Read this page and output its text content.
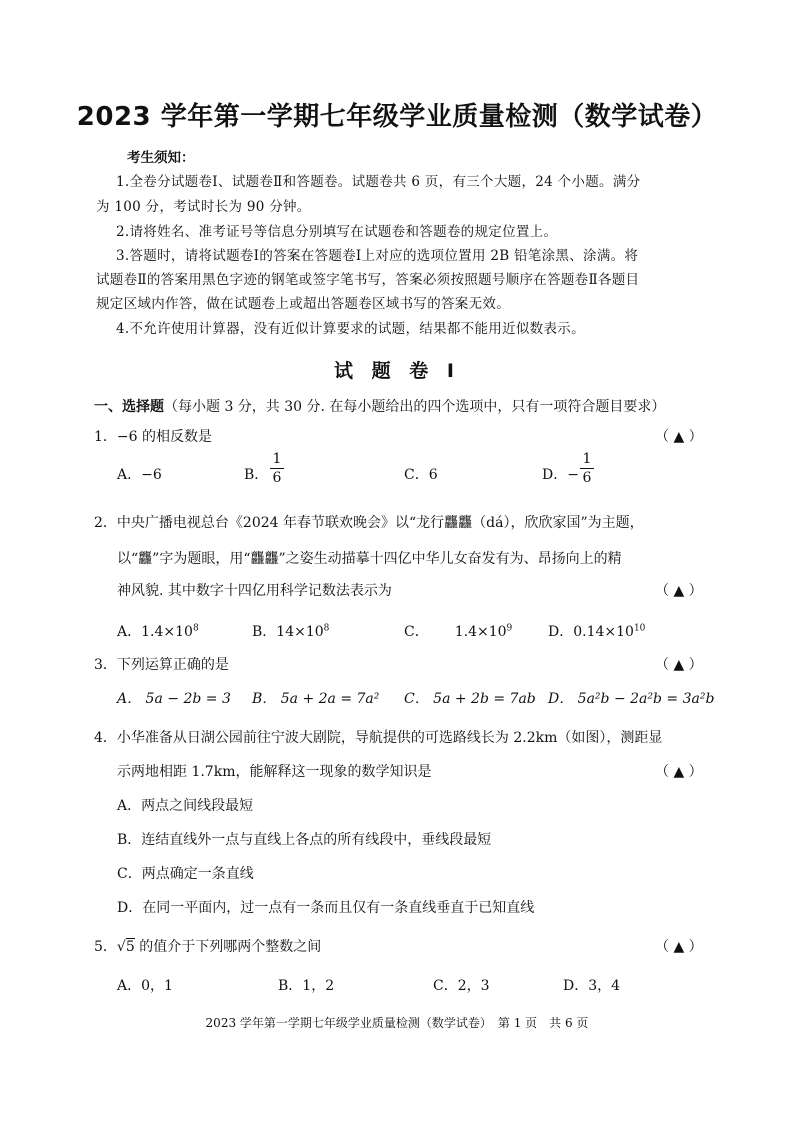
2023 学年第一学期七年级学业质量检测（数学试卷）
考生须知：
1.全卷分试题卷Ⅰ、试题卷Ⅱ和答题卷。试题卷共 6 页，有三个大题，24 个小题。满分
为 100 分，考试时长为 90 分钟。
2.请将姓名、准考证号等信息分别填写在试题卷和答题卷的规定位置上。
3.答题时，请将试题卷Ⅰ的答案在答题卷Ⅰ上对应的选项位置用 2B 铅笔涂黑、涂满。将
试题卷Ⅱ的答案用黑色字迹的钢笔或签字笔书写，答案必须按照题号顺序在答题卷Ⅱ各题目
规定区域内作答，做在试题卷上或超出答题卷区域书写的答案无效。
4.不允许使用计算器，没有近似计算要求的试题，结果都不能用近似数表示。
试 题 卷 Ⅰ
一、选择题（每小题 3 分，共 30 分. 在每小题给出的四个选项中，只有一项符合题目要求）
1．−6 的相反数是	（ ▲ ）
A．−6	B．
1
6	C．6	D．−
1
6
2．中央广播电视总台《2024 年春节联欢晚会》以“龙行龘龘（dá），欣欣家国”为主题，
以“龘”字为题眼，用“龘龘”之姿生动描摹十四亿中华儿女奋发有为、昂扬向上的精
神风貌. 其中数字十四亿用科学记数法表示为	（ ▲ ）
A．$1.4\times 10^8$	B．$14\times 10^8$	C． $1.4\times 10^9$	D．$0.14\times 10^{10}$
3．下列运算正确的是	（ ▲ ）
A． 5a − 2b = 3 B． 5a + 2a = 7a² C． 5a + 2b = 7ab D． 5a²b − 2a²b = 3a²b
4．小华准备从日湖公园前往宁波大剧院，导航提供的可选路线长为 2.2km（如图），测距显
示两地相距 1.7km，能解释这一现象的数学知识是	（ ▲ ）
A．两点之间线段最短
B．连结直线外一点与直线上各点的所有线段中，垂线段最短
C．两点确定一条直线
D．在同一平面内，过一点有一条而且仅有一条直线垂直于已知直线
5．√5 的值介于下列哪两个整数之间	（ ▲ ）
A．0，1	B．1，2	C．2，3	D．3，4
2023 学年第一学期七年级学业质量检测（数学试卷）　第 1 页　共 6 页
